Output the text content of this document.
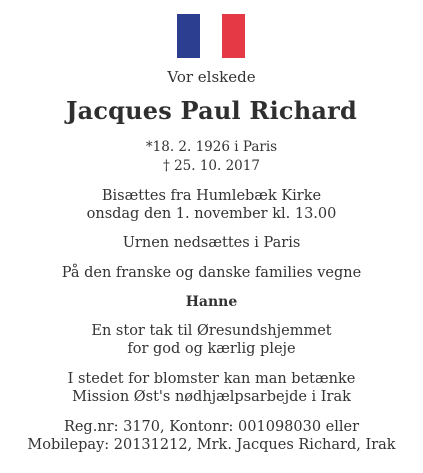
Vor elskede
Jacques Paul Richard
*18. 2. 1926 i Paris
† 25. 10. 2017
Bisættes fra Humlebæk Kirke
onsdag den 1. november kl. 13.00
Urnen nedsættes i Paris
På den franske og danske families vegne
Hanne
En stor tak til Øresundshjemmet
for god og kærlig pleje
I stedet for blomster kan man betænke
Mission Øst's nødhjælpsarbejde i Irak
Reg.nr: 3170, Kontonr: 001098030 eller
Mobilepay: 20131212, Mrk. Jacques Richard, Irak
